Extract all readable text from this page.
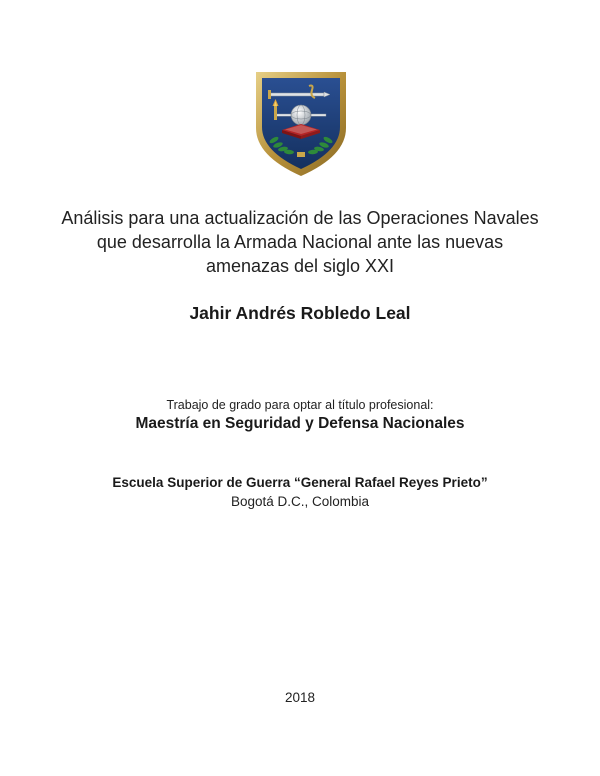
Análisis para una actualización de las Operaciones Navales que desarrolla la Armada Nacional ante las nuevas amenazas del siglo XXI
Jahir Andrés Robledo Leal
Trabajo de grado para optar al título profesional:
Maestría en Seguridad y Defensa Nacionales
Escuela Superior de Guerra “General Rafael Reyes Prieto”
Bogotá D.C., Colombia
2018
